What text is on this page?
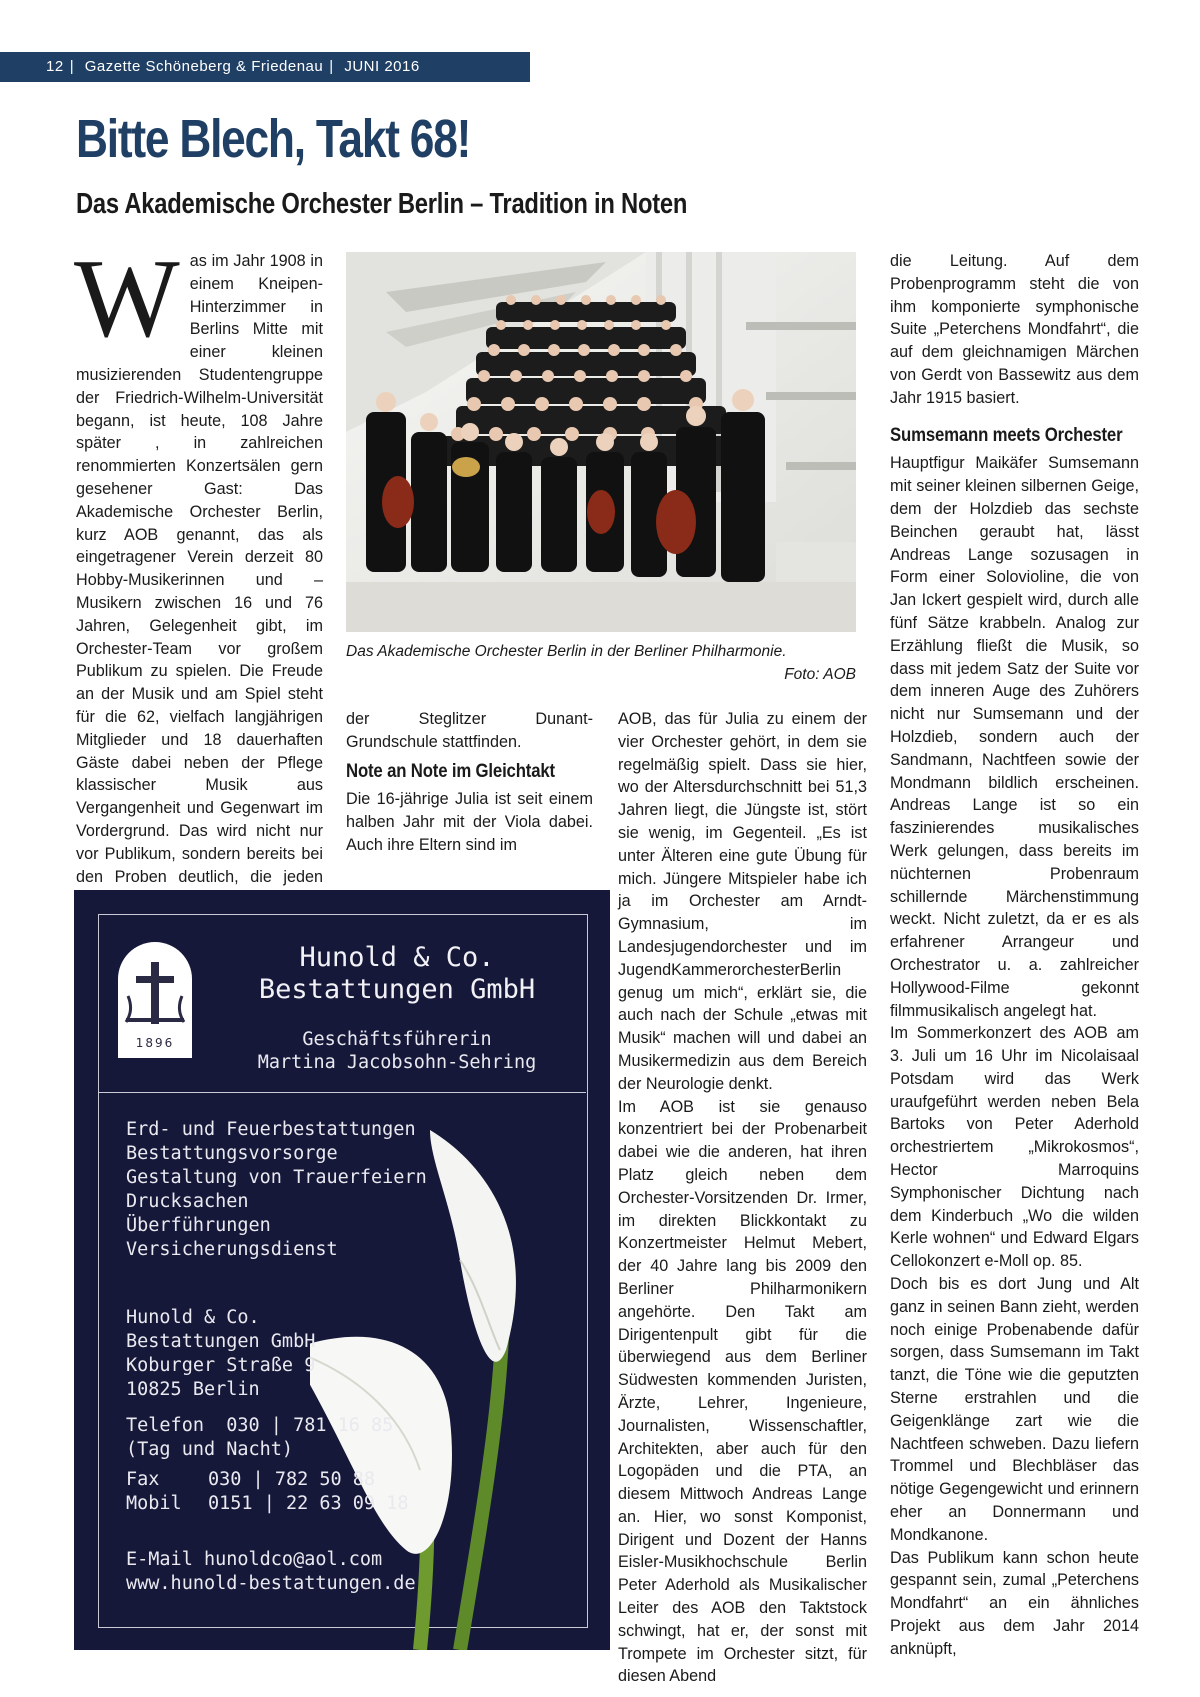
12 | Gazette Schöneberg & Friedenau | JUNI 2016
Bitte Blech, Takt 68!
Das Akademische Orchester Berlin – Tradition in Noten
W as im Jahr 1908 in einem Kneipen-Hinterzimmer in Berlins Mitte mit einer kleinen musizierenden Studentengruppe der Friedrich-Wilhelm-Universität begann, ist heute, 108 Jahre später , in zahlreichen renommierten Konzertsälen gern gesehener Gast: Das Akademische Orchester Berlin, kurz AOB genannt, das als eingetragener Verein derzeit 80 Hobby-Musikerinnen und – Musikern zwischen 16 und 76 Jahren, Gelegenheit gibt, im Orchester-Team vor großem Publikum zu spielen. Die Freude an der Musik und am Spiel steht für die 62, vielfach langjährigen Mitglieder und 18 dauerhaften Gäste dabei neben der Pflege klassischer Musik aus Vergangenheit und Gegenwart im Vordergrund. Das wird nicht nur vor Publikum, sondern bereits bei den Proben deutlich, die jeden

Das Akademische Orchester Berlin in der Berliner Philharmonie.
Foto: AOB

der Steglitzer Dunant-Grundschule stattfinden.

Note an Note im Gleichtakt

Die 16-jährige Julia ist seit einem halben Jahr mit der Viola dabei. Auch ihre Eltern sind im

AOB, das für Julia zu einem der vier Orchester gehört, in dem sie regelmäßig spielt. Dass sie hier, wo der Altersdurchschnitt bei 51,3 Jahren liegt, die Jüngste ist, stört sie wenig, im Gegenteil. „Es ist unter Älteren eine gute Übung für mich. Jüngere Mitspieler habe ich ja im Orchester am Arndt-Gymnasium, im Landesjugendorchester und im JugendKammerorchesterBerlin genug um mich“, erklärt sie, die auch nach der Schule „etwas mit Musik“ machen will und dabei an Musikermedizin aus dem Bereich der Neurologie denkt.

Im AOB ist sie genauso konzentriert bei der Probenarbeit dabei wie die anderen, hat ihren Platz gleich neben dem Orchester-Vorsitzenden Dr. Irmer, im direkten Blickkontakt zu Konzertmeister Helmut Mebert, der 40 Jahre lang bis 2009 den Berliner Philharmonikern angehörte. Den Takt am Dirigentenpult gibt für die überwiegend aus dem Berliner Südwesten kommenden Juristen, Ärzte, Lehrer, Ingenieure, Journalisten, Wissenschaftler, Architekten, aber auch für den Logopäden und die PTA, an diesem Mittwoch Andreas Lange an. Hier, wo sonst Komponist, Dirigent und Dozent der Hanns Eisler-Musikhochschule Berlin Peter Aderhold als Musikalischer Leiter des AOB den Taktstock schwingt, hat er, der sonst mit Trompete im Orchester sitzt, für diesen Abend

die Leitung. Auf dem Probenprogramm steht die von ihm komponierte symphonische Suite „Peterchens Mondfahrt“, die auf dem gleichnamigen Märchen von Gerdt von Bassewitz aus dem Jahr 1915 basiert.

Sumsemann meets Orchester

Hauptfigur Maikäfer Sumsemann mit seiner kleinen silbernen Geige, dem der Holzdieb das sechste Beinchen geraubt hat, lässt Andreas Lange sozusagen in Form einer Solovioline, die von Jan Ickert gespielt wird, durch alle fünf Sätze krabbeln. Analog zur Erzählung fließt die Musik, so dass mit jedem Satz der Suite vor dem inneren Auge des Zuhörers nicht nur Sumsemann und der Holzdieb, sondern auch der Sandmann, Nachtfeen sowie der Mondmann bildlich erscheinen. Andreas Lange ist so ein faszinierendes musikalisches Werk gelungen, dass bereits im nüchternen Probenraum schillernde Märchenstimmung weckt. Nicht zuletzt, da er es als erfahrener Arrangeur und Orchestrator u. a. zahlreicher Hollywood-Filme gekonnt filmmusikalisch angelegt hat.

Im Sommerkonzert des AOB am 3. Juli um 16 Uhr im Nicolaisaal Potsdam wird das Werk uraufgeführt werden neben Bela Bartoks von Peter Aderhold orchestriertem „Mikrokosmos“, Hector Marroquins Symphonischer Dichtung nach dem Kinderbuch „Wo die wilden Kerle wohnen“ und Edward Elgars Cellokonzert e-Moll op. 85.

Doch bis es dort Jung und Alt ganz in seinen Bann zieht, werden noch einige Probenabende dafür sorgen, dass Sumsemann im Takt tanzt, die Töne wie die geputzten Sterne erstrahlen und die Geigenklänge zart wie die Nachtfeen schweben. Dazu liefern Trommel und Blechbläser das nötige Gegengewicht und erinnern eher an Donnermann und Mondkanone.

Das Publikum kann schon heute gespannt sein, zumal „Peterchens Mondfahrt“ an ein ähnliches Projekt aus dem Jahr 2014 anknüpft,

1896
Hunold & Co.
Bestattungen GmbH
Geschäftsführerin
Martina Jacobsohn-Sehring
Erd- und Feuerbestattungen
Bestattungsvorsorge
Gestaltung von Trauerfeiern
Drucksachen
Überführungen
Versicherungsdienst
Hunold & Co.
Bestattungen GmbH
Koburger Straße 9
10825 Berlin
Telefon  030 | 781 16 85
(Tag und Nacht)
Fax	030 | 782 50 88
Mobil 0151 | 22 63 09 18
E-Mail hunoldco@aol.com
www.hunold-bestattungen.de
